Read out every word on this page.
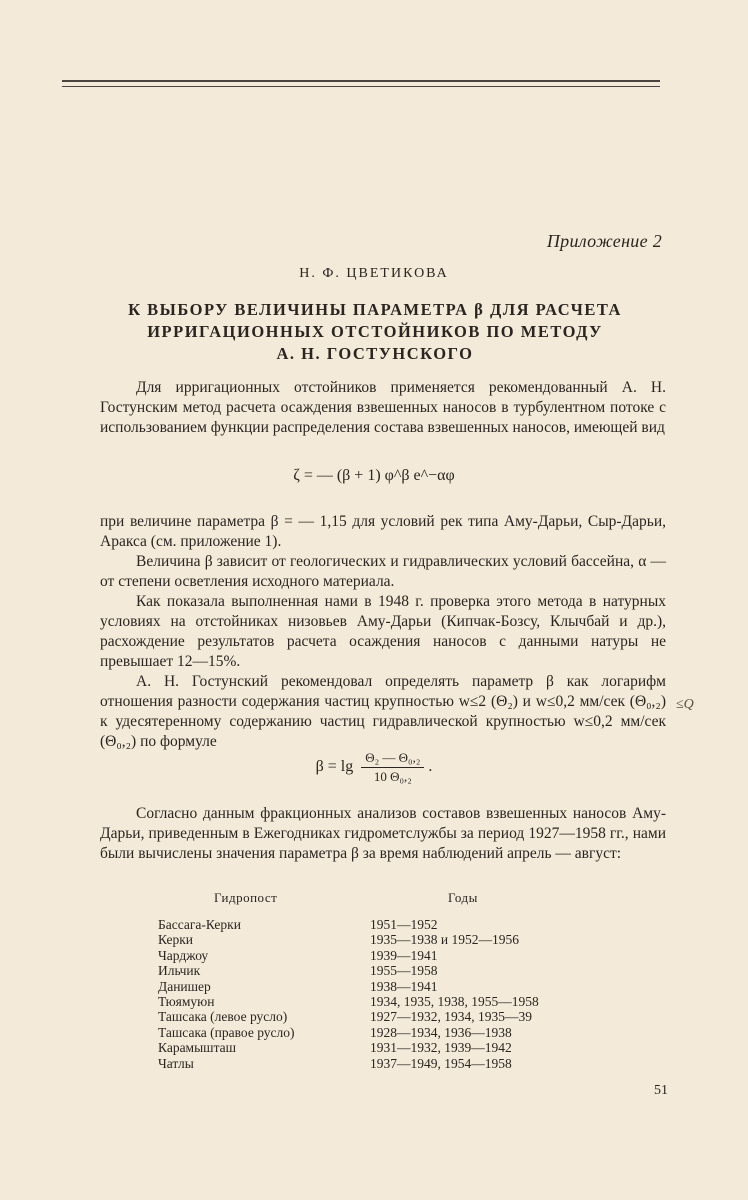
Приложение 2
Н. Ф. ЦВЕТИКОВА
К ВЫБОРУ ВЕЛИЧИНЫ ПАРАМЕТРА β ДЛЯ РАСЧЕТА
ИРРИГАЦИОННЫХ ОТСТОЙНИКОВ ПО МЕТОДУ
А. Н. ГОСТУНСКОГО

Для ирригационных отстойников применяется рекомендованный А. Н. Гостунским метод расчета осаждения взвешенных наносов в турбулентном потоке с использованием функции распределения состава взвешенных наносов, имеющей вид

ζ = — (β + 1) φ^β e^−αφ

при величине параметра β = — 1,15 для условий рек типа Аму-Дарьи, Сыр-Дарьи, Аракса (см. приложение 1).

Величина β зависит от геологических и гидравлических условий бассейна, α — от степени осветления исходного материала.

Как показала выполненная нами в 1948 г. проверка этого метода в натурных условиях на отстойниках низовьев Аму-Дарьи (Кипчак-Бозсу, Клычбай и др.), расхождение результатов расчета осаждения наносов с данными натуры не превышает 12—15%.

А. Н. Гостунский рекомендовал определять параметр β как логарифм отношения разности содержания частиц крупностью w≤2 (Θ₂) и w≤0,2 мм/сек (Θ₀,₂) к удесятеренному содержанию частиц гидравлической крупностью w≤0,2 мм/сек (Θ₀,₂) по формуле

≤Q
$\beta = \lg \frac{\text{Θ₂ — Θ₀,₂}}{\text{10 Θ₀,₂}}$ .

Согласно данным фракционных анализов составов взвешенных наносов Аму-Дарьи, приведенным в Ежегодниках гидрометслужбы за период 1927—1958 гг., нами были вычислены значения параметра β за время наблюдений апрель — август:

Гидропост	Годы
Бассага-Керки	1951—1952
Керки	1935—1938 и 1952—1956
Чарджоу	1939—1941
Ильчик	1955—1958
Данишер	1938—1941
Тюямуюн	1934, 1935, 1938, 1955—1958
Ташсака (левое русло)	1927—1932, 1934, 1935—39
Ташсака (правое русло)	1928—1934, 1936—1938
Карамышташ	1931—1932, 1939—1942
Чатлы	1937—1949, 1954—1958
51
